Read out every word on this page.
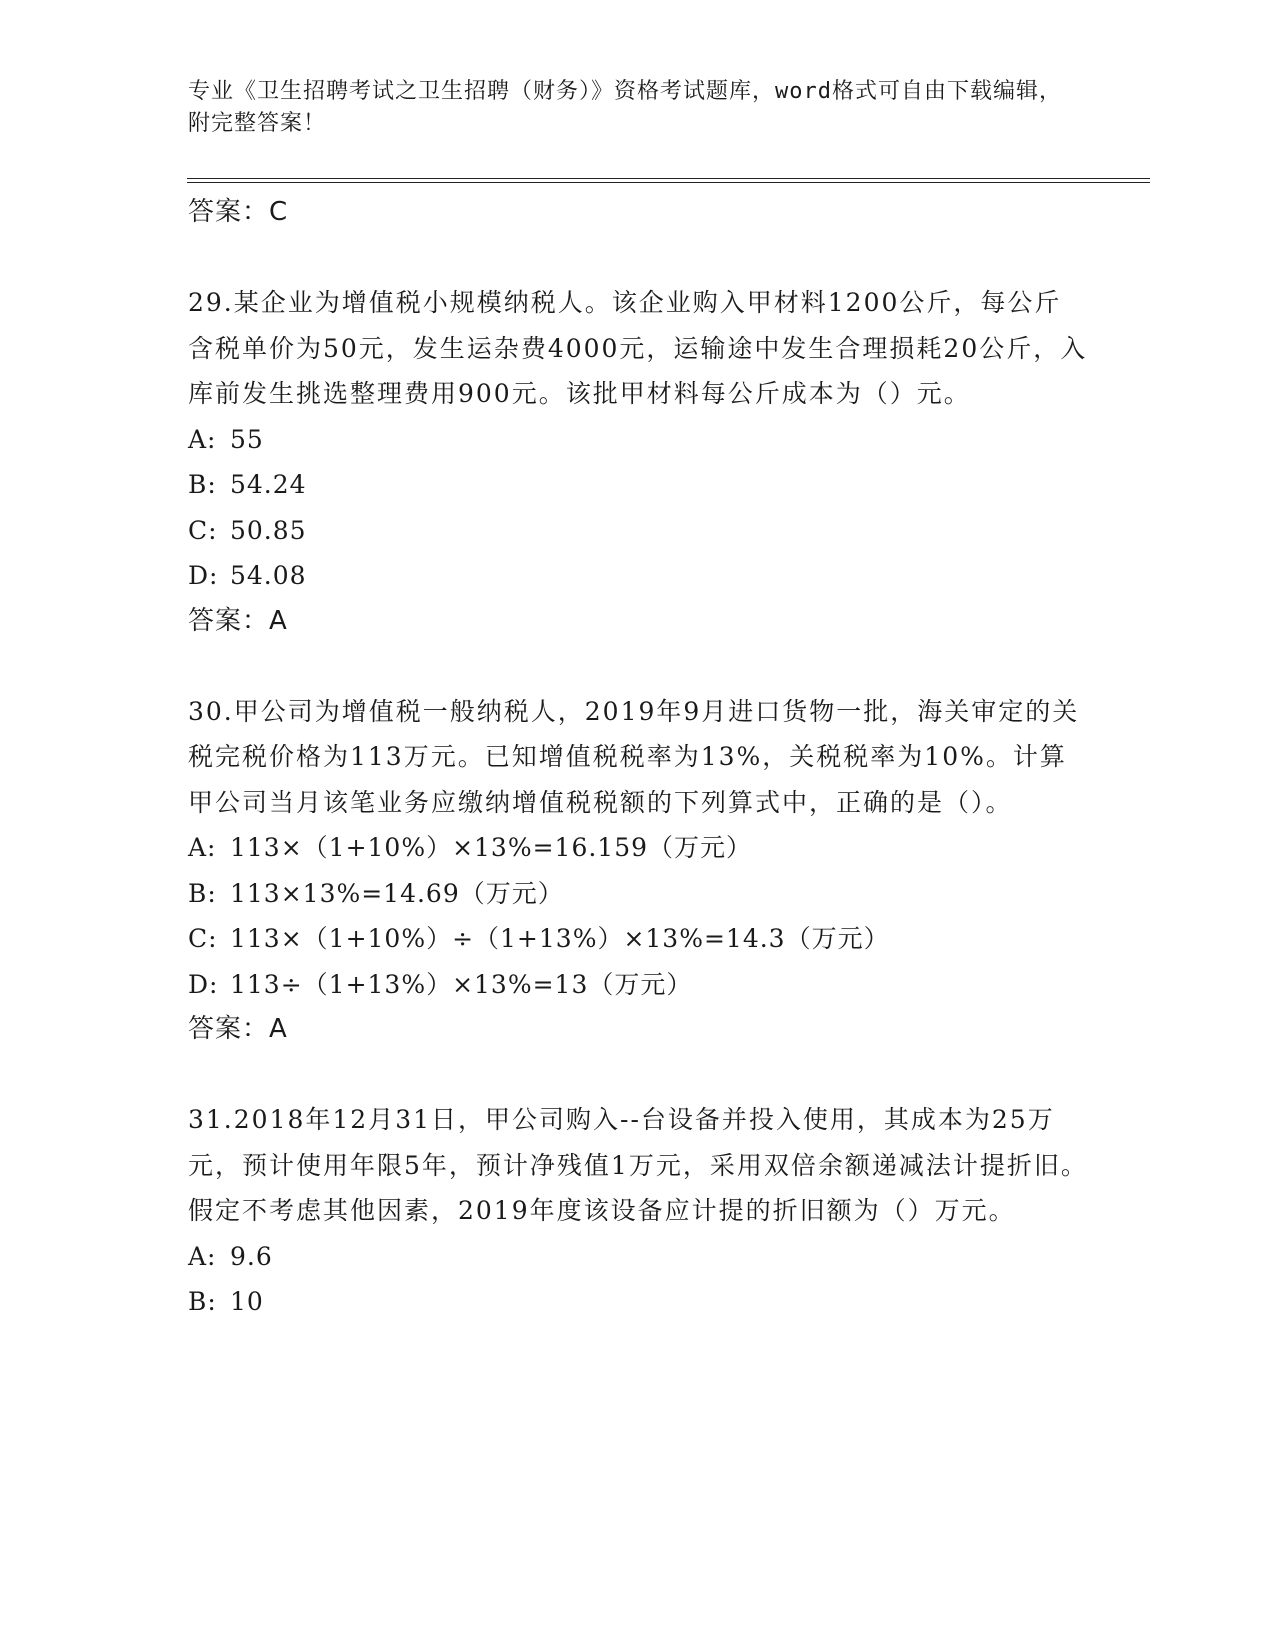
专业《卫生招聘考试之卫生招聘（财务）》资格考试题库，word格式可自由下载编辑，附完整答案！
答案：C

29.某企业为增值税小规模纳税人。该企业购入甲材料1200公斤，每公斤含税单价为50元，发生运杂费4000元，运输途中发生合理损耗20公斤，入库前发生挑选整理费用900元。该批甲材料每公斤成本为（）元。

A: 55
B: 54.24
C: 50.85
D: 54.08
答案：A

30.甲公司为增值税一般纳税人，2019年9月进口货物一批，海关审定的关税完税价格为113万元。已知增值税税率为13%，关税税率为10%。计算甲公司当月该笔业务应缴纳增值税税额的下列算式中，正确的是（）。

A: 113×（1+10%）×13%=16.159（万元）
B: 113×13%=14.69（万元）
C: 113×（1+10%）÷（1+13%）×13%=14.3（万元）
D: 113÷（1+13%）×13%=13（万元）
答案：A

31.2018年12月31日，甲公司购入--台设备并投入使用，其成本为25万元，预计使用年限5年，预计净残值1万元，采用双倍余额递减法计提折旧。假定不考虑其他因素，2019年度该设备应计提的折旧额为（）万元。

A: 9.6
B: 10
